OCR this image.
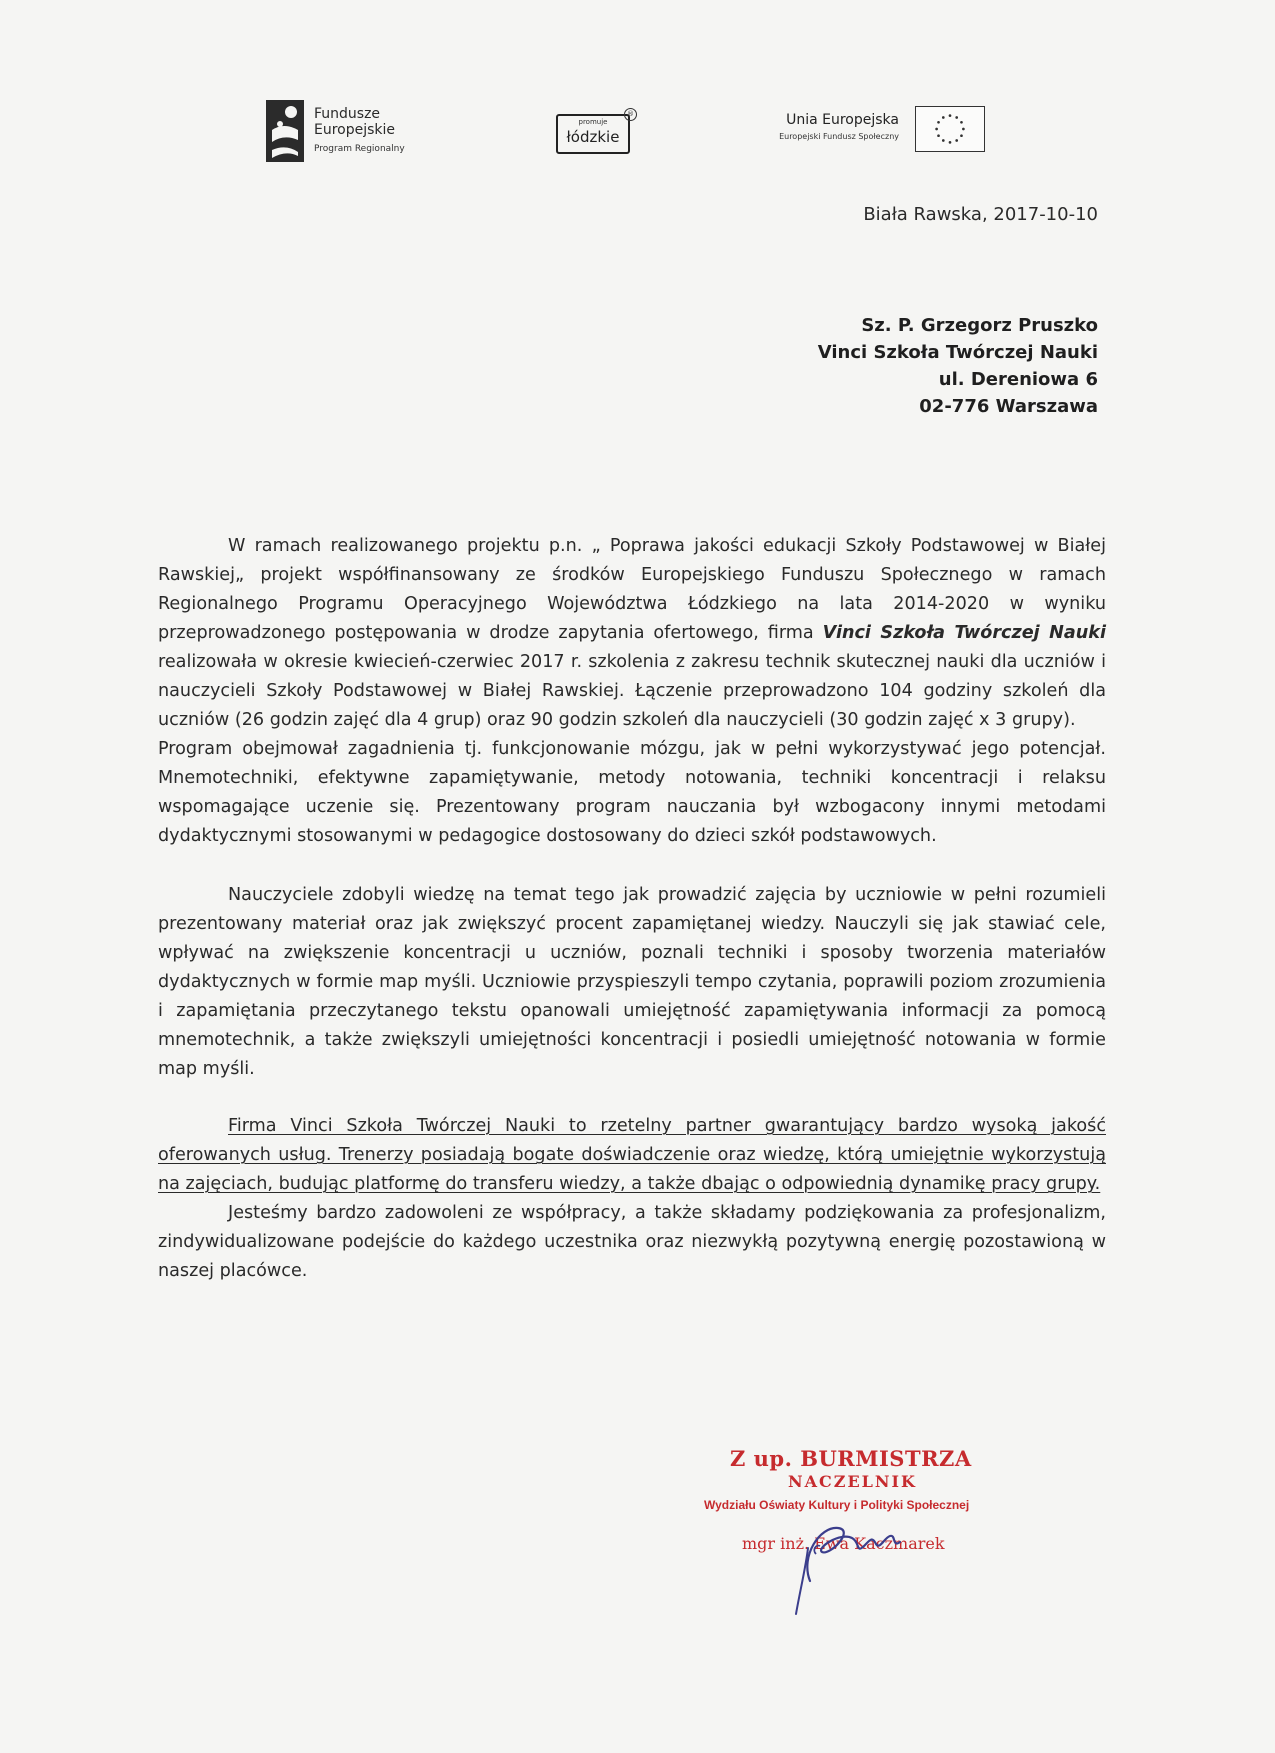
Fundusze
Europejskie
Program Regionalny
promuje
łódzkie
®	Unia Europejska
Europejski Fundusz Społeczny
Biała Rawska, 2017-10-10
Sz. P. Grzegorz Pruszko
Vinci Szkoła Twórczej Nauki
ul. Dereniowa 6
02-776 Warszawa

W ramach realizowanego projektu p.n. „ Poprawa jakości edukacji Szkoły Podstawowej w Białej Rawskiej„ projekt współfinansowany ze środków Europejskiego Funduszu Społecznego w ramach Regionalnego Programu Operacyjnego Województwa Łódzkiego na lata 2014-2020 w wyniku przeprowadzonego postępowania w drodze zapytania ofertowego, firma Vinci Szkoła Twórczej Nauki realizowała w okresie kwiecień-czerwiec 2017 r. szkolenia z zakresu technik skutecznej nauki dla uczniów i nauczycieli Szkoły Podstawowej w Białej Rawskiej. Łączenie przeprowadzono 104 godziny szkoleń dla uczniów (26 godzin zajęć dla 4 grup) oraz 90 godzin szkoleń dla nauczycieli (30 godzin zajęć x 3 grupy).

Program obejmował zagadnienia tj. funkcjonowanie mózgu, jak w pełni wykorzystywać jego potencjał. Mnemotechniki, efektywne zapamiętywanie, metody notowania, techniki koncentracji i relaksu wspomagające uczenie się. Prezentowany program nauczania był wzbogacony innymi metodami dydaktycznymi stosowanymi w pedagogice dostosowany do dzieci szkół podstawowych.

Nauczyciele zdobyli wiedzę na temat tego jak prowadzić zajęcia by uczniowie w pełni rozumieli prezentowany materiał oraz jak zwiększyć procent zapamiętanej wiedzy. Nauczyli się jak stawiać cele, wpływać na zwiększenie koncentracji u uczniów, poznali techniki i sposoby tworzenia materiałów dydaktycznych w formie map myśli. Uczniowie przyspieszyli tempo czytania, poprawili poziom zrozumienia i zapamiętania przeczytanego tekstu opanowali umiejętność zapamiętywania informacji za pomocą mnemotechnik, a także zwiększyli umiejętności koncentracji i posiedli umiejętność notowania w formie map myśli.

Firma Vinci Szkoła Twórczej Nauki to rzetelny partner gwarantujący bardzo wysoką jakość oferowanych usług. Trenerzy posiadają bogate doświadczenie oraz wiedzę, którą umiejętnie wykorzystują na zajęciach, budując platformę do transferu wiedzy, a także dbając o odpowiednią dynamikę pracy grupy.

Jesteśmy bardzo zadowoleni ze współpracy, a także składamy podziękowania za profesjonalizm, zindywidualizowane podejście do każdego uczestnika oraz niezwykłą pozytywną energię pozostawioną w naszej placówce.

Z up. BURMISTRZA
NACZELNIK
Wydziału Oświaty Kultury i Polityki Społecznej
mgr inż. Ewa Kaczmarek
